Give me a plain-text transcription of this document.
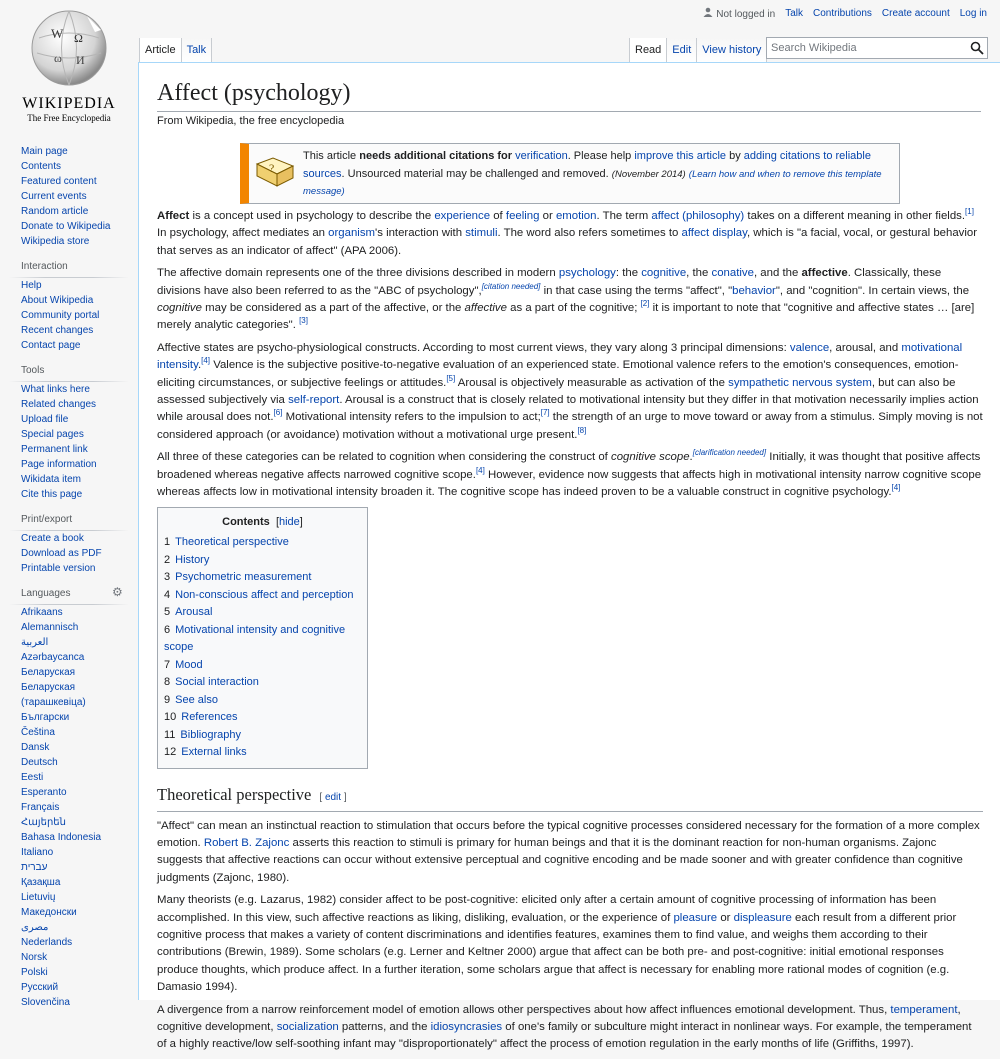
W Ω
ω И
WIKIPEDIA
The Free Encyclopedia
Main page
Contents
Featured content
Current events
Random article
Donate to Wikipedia
Wikipedia store
Interaction
Help
About Wikipedia
Community portal
Recent changes
Contact page
Tools
What links here
Related changes
Upload file
Special pages
Permanent link
Page information
Wikidata item
Cite this page
Print/export
Create a book
Download as PDF
Printable version
Languages
Afrikaans
Alemannisch
العربية
Azərbaycanca
Беларуская
Беларуская (тарашкевіца)
Български
Čeština
Dansk
Deutsch
Eesti
Esperanto
Français
Հայերեն
Bahasa Indonesia
Italiano
עברית
Қазақша
Lietuvių
Македонски
مصرى
Nederlands
Norsk
Polski
Русский
Slovenčina
⚙
Not logged in Talk Contributions Create account Log in
Article	Talk	Read	Edit	View history
Search Wikipedia
Affect (psychology)
From Wikipedia, the free encyclopedia
?
This article needs additional citations for verification. Please help improve this article by adding citations to reliable sources. Unsourced material may be challenged and removed. (November 2014) (Learn how and when to remove this template message)

Affect is a concept used in psychology to describe the experience of feeling or emotion. The term affect (philosophy) takes on a different meaning in other fields.[1] In psychology, affect mediates an organism's interaction with stimuli. The word also refers sometimes to affect display, which is "a facial, vocal, or gestural behavior that serves as an indicator of affect" (APA 2006).

The affective domain represents one of the three divisions described in modern psychology: the cognitive, the conative, and the affective. Classically, these divisions have also been referred to as the "ABC of psychology",[citation needed] in that case using the terms "affect", "behavior", and "cognition". In certain views, the cognitive may be considered as a part of the affective, or the affective as a part of the cognitive; [2] it is important to note that "cognitive and affective states … [are] merely analytic categories". [3]

Affective states are psycho-physiological constructs. According to most current views, they vary along 3 principal dimensions: valence, arousal, and motivational intensity.[4] Valence is the subjective positive-to-negative evaluation of an experienced state. Emotional valence refers to the emotion's consequences, emotion-eliciting circumstances, or subjective feelings or attitudes.[5] Arousal is objectively measurable as activation of the sympathetic nervous system, but can also be assessed subjectively via self-report. Arousal is a construct that is closely related to motivational intensity but they differ in that motivation necessarily implies action while arousal does not.[6] Motivational intensity refers to the impulsion to act;[7] the strength of an urge to move toward or away from a stimulus. Simply moving is not considered approach (or avoidance) motivation without a motivational urge present.[8]

All three of these categories can be related to cognition when considering the construct of cognitive scope.[clarification needed] Initially, it was thought that positive affects broadened whereas negative affects narrowed cognitive scope.[4] However, evidence now suggests that affects high in motivational intensity narrow cognitive scope whereas affects low in motivational intensity broaden it. The cognitive scope has indeed proven to be a valuable construct in cognitive psychology.[4]

Contents [hide]
1 Theoretical perspective
2 History
3 Psychometric measurement
4 Non-conscious affect and perception
5 Arousal
6 Motivational intensity and cognitive scope
7 Mood
8 Social interaction
9 See also
10 References
11 Bibliography
12 External links
Theoretical perspective [ edit ]

"Affect" can mean an instinctual reaction to stimulation that occurs before the typical cognitive processes considered necessary for the formation of a more complex emotion. Robert B. Zajonc asserts this reaction to stimuli is primary for human beings and that it is the dominant reaction for non-human organisms. Zajonc suggests that affective reactions can occur without extensive perceptual and cognitive encoding and be made sooner and with greater confidence than cognitive judgments (Zajonc, 1980).

Many theorists (e.g. Lazarus, 1982) consider affect to be post-cognitive: elicited only after a certain amount of cognitive processing of information has been accomplished. In this view, such affective reactions as liking, disliking, evaluation, or the experience of pleasure or displeasure each result from a different prior cognitive process that makes a variety of content discriminations and identifies features, examines them to find value, and weighs them according to their contributions (Brewin, 1989). Some scholars (e.g. Lerner and Keltner 2000) argue that affect can be both pre- and post-cognitive: initial emotional responses produce thoughts, which produce affect. In a further iteration, some scholars argue that affect is necessary for enabling more rational modes of cognition (e.g. Damasio 1994).

A divergence from a narrow reinforcement model of emotion allows other perspectives about how affect influences emotional development. Thus, temperament, cognitive development, socialization patterns, and the idiosyncrasies of one's family or subculture might interact in nonlinear ways. For example, the temperament of a highly reactive/low self-soothing infant may "disproportionately" affect the process of emotion regulation in the early months of life (Griffiths, 1997).
